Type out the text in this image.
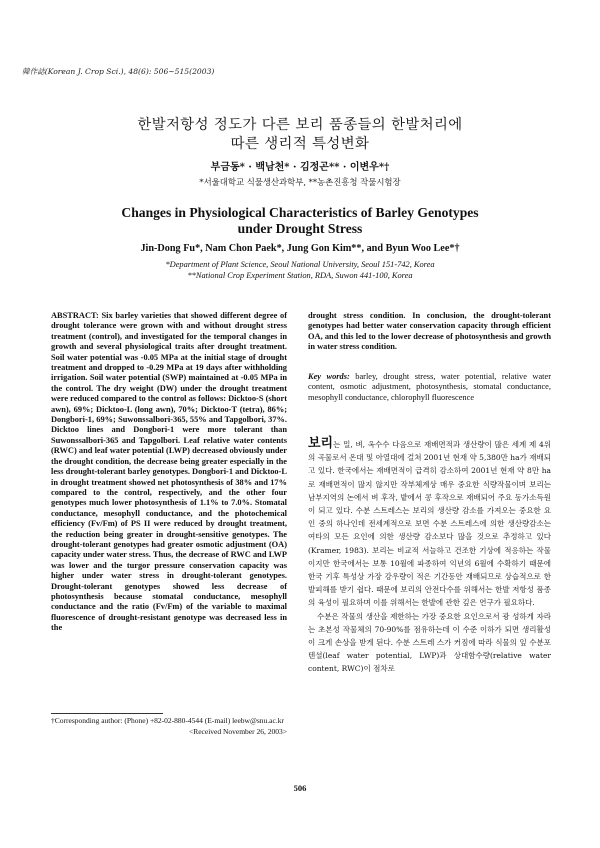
韓作誌(Korean J. Crop Sci.), 48(6): 506~515(2003)
한발저항성 정도가 다른 보리 품종들의 한발처리에
따른 생리적 특성변화
부금동* · 백남천* · 김정곤** · 이변우*†
*서울대학교 식물생산과학부, **농촌진흥청 작물시험장
Changes in Physiological Characteristics of Barley Genotypes
under Drought Stress
Jin-Dong Fu*, Nam Chon Paek*, Jung Gon Kim**, and Byun Woo Lee*†
*Department of Plant Science, Seoul National University, Seoul 151-742, Korea
**National Crop Experiment Station, RDA, Suwon 441-100, Korea
ABSTRACT: Six barley varieties that showed different degree of drought tolerance were grown with and without drought stress treatment (control), and investigated for the temporal changes in growth and several physiological traits after drought treatment. Soil water potential was -0.05 MPa at the initial stage of drought treatment and dropped to -0.29 MPa at 19 days after withholding irrigation. Soil water potential (SWP) maintained at -0.05 MPa in the control. The dry weight (DW) under the drought treatment were reduced compared to the control as follows: Dicktoo-S (short awn), 69%; Dicktoo-L (long awn), 70%; Dicktoo-T (tetra), 86%; Dongbori-1, 69%; Suwonssalbori-365, 55% and Tapgolbori, 37%. Dicktoo lines and Dongbori-1 were more tolerant than Suwonssalbori-365 and Tapgolbori. Leaf relative water contents (RWC) and leaf water potential (LWP) decreased obviously under the drought condition, the decrease being greater especially in the less drought-tolerant barley genotypes. Dongbori-1 and Dicktoo-L in drought treatment showed net photosynthesis of 38% and 17% compared to the control, respectively, and the other four genotypes much lower photosynthesis of 1.1% to 7.0%. Stomatal conductance, mesophyll conductance, and the photochemical efficiency (Fv/Fm) of PS II were reduced by drought treatment, the reduction being greater in drought-sensitive genotypes. The drought-tolerant genotypes had greater osmotic adjustment (OA) capacity under water stress. Thus, the decrease of RWC and LWP was lower and the turgor pressure conservation capacity was higher under water stress in drought-tolerant genotypes. Drought-tolerant genotypes showed less decrease of photosynthesis because stomatal conductance, mesophyll conductance and the ratio (Fv/Fm) of the variable to maximal fluorescence of drought-resistant genotype was decreased less in the
drought stress condition. In conclusion, the drought-tolerant genotypes had better water conservation capacity through efficient OA, and this led to the lower decrease of photosynthesis and growth in water stress condition.
Key words: barley, drought stress, water potential, relative water content, osmotic adjustment, photosynthesis, stomatal conductance, mesophyll conductance, chlorophyll fluorescence

보리는 밀, 벼, 옥수수 다음으로 재배면적과 생산량이 많은 세계 제 4위의 곡물로서 온대 및 아열대에 걸쳐 2001년 현재 약 5,380만 ha가 재배되고 있다. 한국에서는 재배면적이 급격히 감소하여 2001년 현재 약 8만 ha로 재배면적이 많지 않지만 작부체계상 매우 중요한 식량작물이며 보리는 남부지역의 논에서 벼 후작, 밭에서 콩 후작으로 재배되어 주요 동가소득원이 되고 있다. 수분 스트레스는 보리의 생산량 감소를 가져오는 중요한 요인 중의 하나인데 전세계적으로 보면 수분 스트레스에 의한 생산량감소는 여타의 모든 요인에 의한 생산량 감소보다 많을 것으로 추정하고 있다(Kramer, 1983). 보리는 비교적 서늘하고 건조한 기상에 적응하는 작물이지만 한국에서는 보통 10월에 파종하여 익년의 6월에 수확하기 때문에 한국 기후 특성상 가장 강우량이 적은 기간동안 재배되므로 상습적으로 한발피해를 받기 쉽다. 때문에 보리의 안전다수를 위해서는 한발 저항성 품종의 육성이 필요하며 이를 위해서는 한발에 관한 깊은 연구가 필요하다.

수분은 작물의 생산을 제한하는 가장 중요한 요인으로서 광 성하게 자라는 초본성 작물체의 70-90%를 점유하는데 이 수준 이하가 되면 생리활성이 크게 손상을 받게 된다. 수분 스트레 스가 커짐에 따라 식물의 잎 수분포텐셜(leaf water potential, LWP)과 상대함수량(relative water content, RWC)이 점차로

†Corresponding author: (Phone) +82-02-880-4544 (E-mail) leebw@snu.ac.kr
<Received November 26, 2003>
506
